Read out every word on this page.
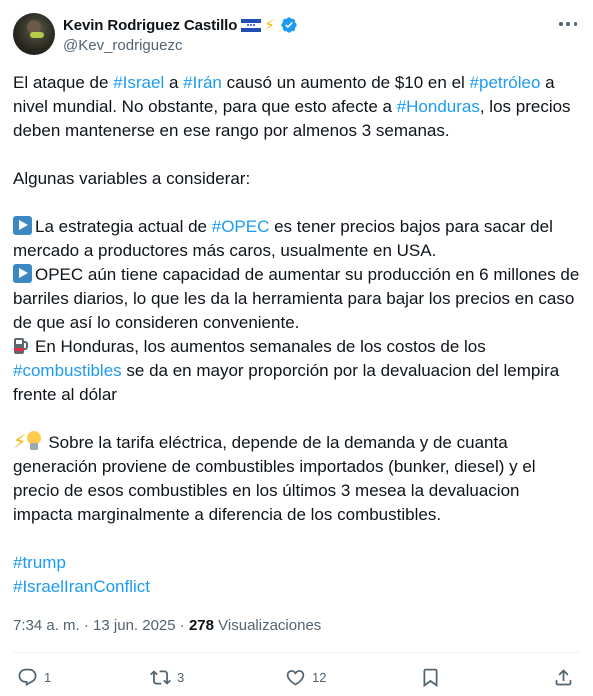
Kevin Rodriguez Castillo ⚡
@Kev_rodriguezc

El ataque de #Israel a #Irán causó un aumento de $10 en el #petróleo a nivel mundial. No obstante, para que esto afecte a #Honduras, los precios deben mantenerse en ese rango por almenos 3 semanas.

Algunas variables a considerar:

La estrategia actual de #OPEC es tener precios bajos para sacar del mercado a productores más caros, usualmente en USA.

OPEC aún tiene capacidad de aumentar su producción en 6 millones de barriles diarios, lo que les da la herramienta para bajar los precios en caso de que así lo consideren conveniente.

En Honduras, los aumentos semanales de los costos de los #combustibles se da en mayor proporción por la devaluacion del lempira frente al dólar

⚡ Sobre la tarifa eléctrica, depende de la demanda y de cuanta generación proviene de combustibles importados (bunker, diesel) y el precio de esos combustibles en los últimos 3 mesea la devaluacion impacta marginalmente a diferencia de los combustibles.

#trump

#IsraelIranConflict

7:34 a. m. · 13 jun. 2025 · 278 Visualizaciones
1	3	12
